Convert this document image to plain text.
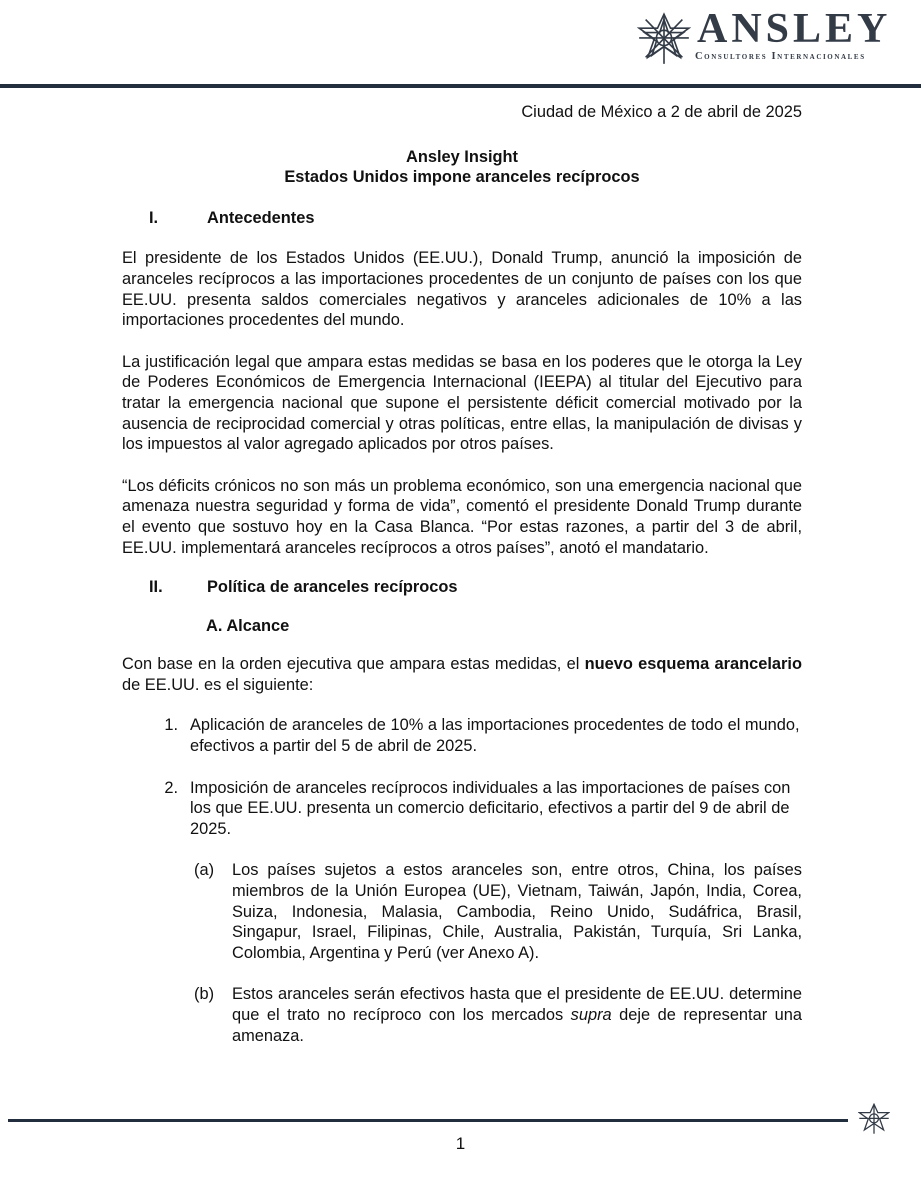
ANSLEY
Consultores Internacionales

Ciudad de México a 2 de abril de 2025

Ansley Insight
Estados Unidos impone aranceles recíprocos
I.	Antecedentes

El presidente de los Estados Unidos (EE.UU.), Donald Trump, anunció la imposición de aranceles recíprocos a las importaciones procedentes de un conjunto de países con los que EE.UU. presenta saldos comerciales negativos y aranceles adicionales de 10% a las importaciones procedentes del mundo.

La justificación legal que ampara estas medidas se basa en los poderes que le otorga la Ley de Poderes Económicos de Emergencia Internacional (IEEPA) al titular del Ejecutivo para tratar la emergencia nacional que supone el persistente déficit comercial motivado por la ausencia de reciprocidad comercial y otras políticas, entre ellas, la manipulación de divisas y los impuestos al valor agregado aplicados por otros países.

“Los déficits crónicos no son más un problema económico, son una emergencia nacional que amenaza nuestra seguridad y forma de vida”, comentó el presidente Donald Trump durante el evento que sostuvo hoy en la Casa Blanca. “Por estas razones, a partir del 3 de abril, EE.UU. implementará aranceles recíprocos a otros países”, anotó el mandatario.

II.	Política de aranceles recíprocos
A. Alcance

Con base en la orden ejecutiva que ampara estas medidas, el nuevo esquema arancelario de EE.UU. es el siguiente:

1. Aplicación de aranceles de 10% a las importaciones procedentes de todo el mundo, efectivos a partir del 5 de abril de 2025.
2. Imposición de aranceles recíprocos individuales a las importaciones de países con los que EE.UU. presenta un comercio deficitario, efectivos a partir del 9 de abril de 2025.
(a)	Los países sujetos a estos aranceles son, entre otros, China, los países miembros de la Unión Europea (UE), Vietnam, Taiwán, Japón, India, Corea, Suiza, Indonesia, Malasia, Cambodia, Reino Unido, Sudáfrica, Brasil, Singapur, Israel, Filipinas, Chile, Australia, Pakistán, Turquía, Sri Lanka, Colombia, Argentina y Perú (ver Anexo A).
(b)	Estos aranceles serán efectivos hasta que el presidente de EE.UU. determine que el trato no recíproco con los mercados supra deje de representar una amenaza.
1
